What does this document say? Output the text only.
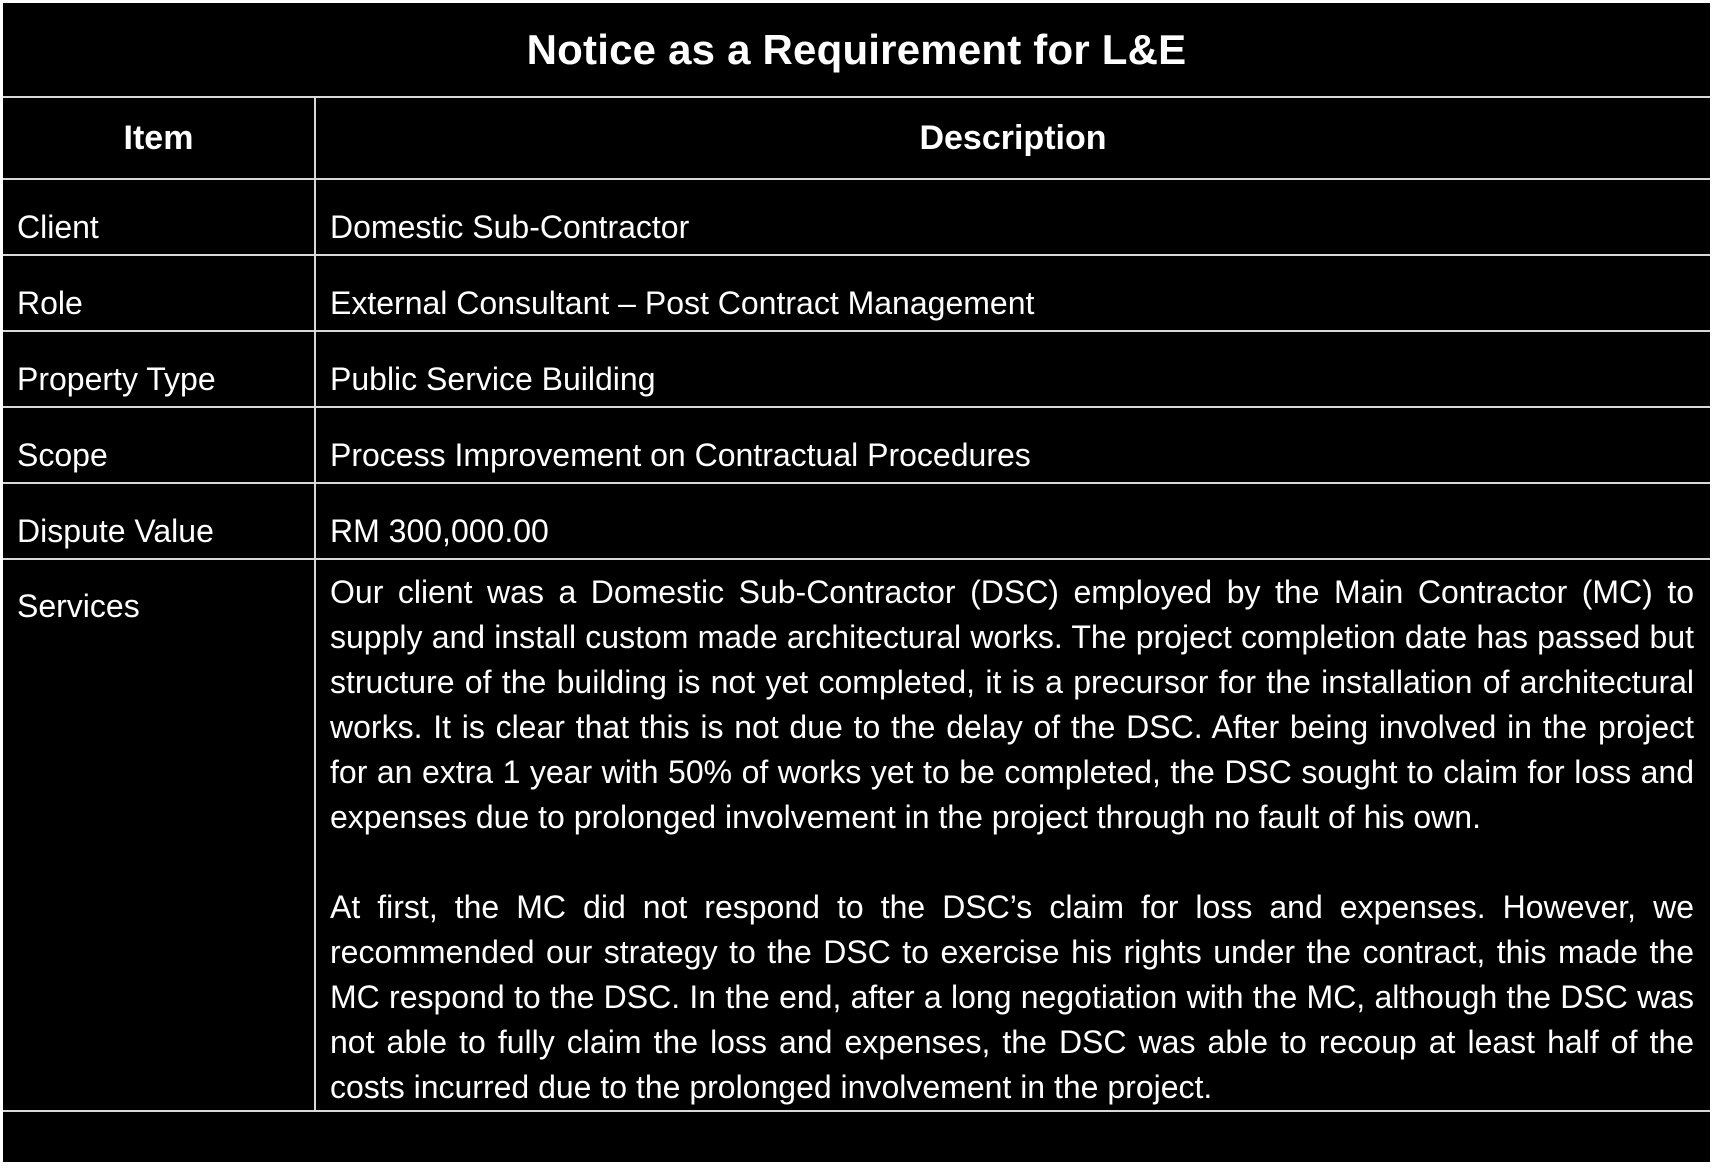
Notice as a Requirement for L&E	
Item	Description
Client	Domestic Sub-Contractor
Role	External Consultant – Post Contract Management
Property Type	Public Service Building
Scope	Process Improvement on Contractual Procedures
Dispute Value	RM 300,000.00
Services	Our client was a Domestic Sub-Contractor (DSC) employed by the Main Contractor (MC) to supply and install custom made architectural works. The project completion date has passed but structure of the building is not yet completed, it is a precursor for the installation of architectural works. It is clear that this is not due to the delay of the DSC. After being involved in the project for an extra 1 year with 50% of works yet to be completed, the DSC sought to claim for loss and expenses due to prolonged involvement in the project through no fault of his own.

At first, the MC did not respond to the DSC’s claim for loss and expenses. However, we recommended our strategy to the DSC to exercise his rights under the contract, this made the MC respond to the DSC. In the end, after a long negotiation with the MC, although the DSC was not able to fully claim the loss and expenses, the DSC was able to recoup at least half of the costs incurred due to the prolonged involvement in the project.
